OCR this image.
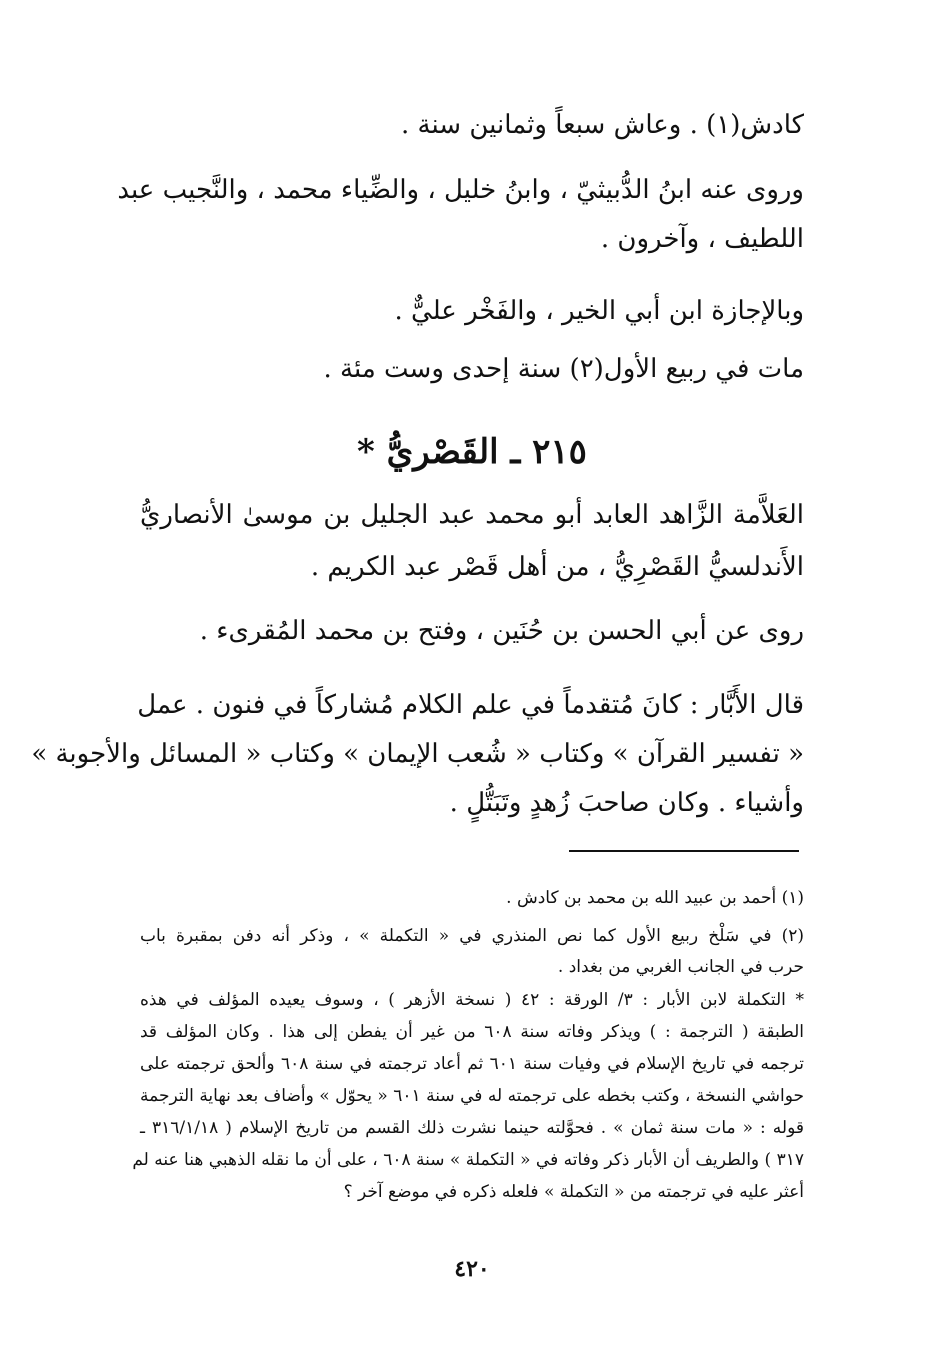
كادش(١) . وعاش سبعاً وثمانين سنة .
وروى عنه ابنُ الدُّبيثيّ ، وابنُ خليل ، والضِّياء محمد ، والنَّجيب عبد
اللطيف ، وآخرون .
وبالإجازة ابن أبي الخير ، والفَخْر عليٌّ .
مات في ربيع الأول(٢) سنة إحدى وست مئة .
٢١٥ ـ القَصْريُّ *
العَلاَّمة الزَّاهد العابد أبو محمد عبد الجليل بن موسىٰ الأنصاريُّ
الأَندلسيُّ القَصْرِيُّ ، من أهل قَصْر عبد الكريم .
روى عن أبي الحسن بن حُنَين ، وفتح بن محمد المُقرىء .
قال الأَبَّار : كانَ مُتقدماً في علم الكلام مُشاركاً في فنون . عمل
« تفسير القرآن » وكتاب « شُعب الإيمان » وكتاب « المسائل والأجوبة »
وأشياء . وكان صاحبَ زُهدٍ وتَبَتُّلٍ .
(١) أحمد بن عبيد الله بن محمد بن كادش .
(٢) في سَلْخ ربيع الأول كما نص المنذري في « التكملة » ، وذكر أنه دفن بمقبرة باب
حرب في الجانب الغربي من بغداد .
* التكملة لابن الأبار : ٣/ الورقة : ٤٢ ( نسخة الأزهر ) ، وسوف يعيده المؤلف في هذه
الطبقة ( الترجمة : ) ويذكر وفاته سنة ٦٠٨ من غير أن يفطن إلى هذا . وكان المؤلف قد
ترجمه في تاريخ الإسلام في وفيات سنة ٦٠١ ثم أعاد ترجمته في سنة ٦٠٨ وألحق ترجمته على
حواشي النسخة ، وكتب بخطه على ترجمته له في سنة ٦٠١ « يحوّل » وأضاف بعد نهاية الترجمة
قوله : « مات سنة ثمان » . فحوَّلته حينما نشرت ذلك القسم من تاريخ الإسلام ( ٣١٦/١/١٨ ـ
٣١٧ ) والطريف أن الأبار ذكر وفاته في « التكملة » سنة ٦٠٨ ، على أن ما نقله الذهبي هنا عنه لم
أعثر عليه في ترجمته من « التكملة » فلعله ذكره في موضع آخر ؟
٤٢٠
